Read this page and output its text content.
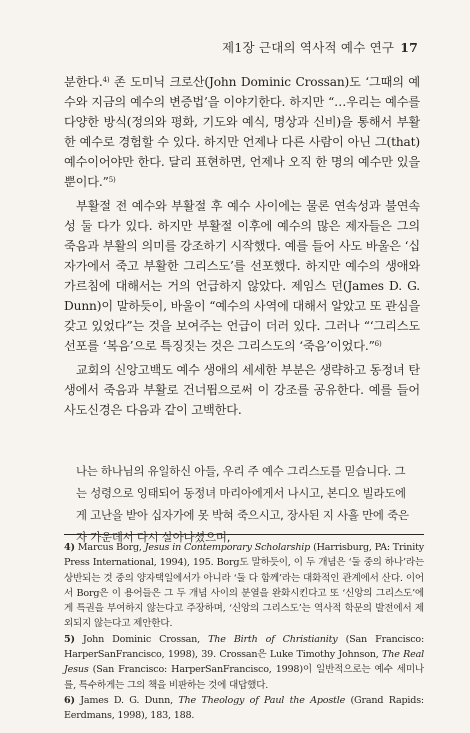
제1장 근대의 역사적 예수 연구 17

분한다.$^{4)}$ 존 도미닉 크로산(John Dominic Crossan)도 ‘그때의 예수와 지금의 예수의 변증법’을 이야기한다. 하지만 “…우리는 예수를 다양한 방식(정의와 평화, 기도와 예식, 명상과 신비)을 통해서 부활한 예수로 경험할 수 있다. 하지만 언제나 다른 사람이 아닌 그(that) 예수이어야만 한다. 달리 표현하면, 언제나 오직 한 명의 예수만 있을 뿐이다.”$^{5)}$

부활절 전 예수와 부활절 후 예수 사이에는 물론 연속성과 불연속성 둘 다가 있다. 하지만 부활절 이후에 예수의 많은 제자들은 그의 죽음과 부활의 의미를 강조하기 시작했다. 예를 들어 사도 바울은 ‘십자가에서 죽고 부활한 그리스도’를 선포했다. 하지만 예수의 생애와 가르침에 대해서는 거의 언급하지 않았다. 제임스 던(James D. G. Dunn)이 말하듯이, 바울이 “예수의 사역에 대해서 알았고 또 관심을 갖고 있었다”는 것을 보여주는 언급이 더러 있다. 그러나 “‘그리스도 선포를 ‘복음’으로 특징짓는 것은 그리스도의 ‘죽음’이었다.”$^{6)}$

교회의 신앙고백도 예수 생애의 세세한 부분은 생략하고 동정녀 탄생에서 죽음과 부활로 건너뜀으로써 이 강조를 공유한다. 예를 들어 사도신경은 다음과 같이 고백한다.

나는 하나님의 유일하신 아들, 우리 주 예수 그리스도를 믿습니다. 그는 성령으로 잉태되어 동정녀 마리아에게서 나시고, 본디오 빌라도에게 고난을 받아 십자가에 못 박혀 죽으시고, 장사된 지 사흘 만에 죽은 자 가운데서 다시 살아나셨으며,

4) Marcus Borg, Jesus in Contemporary Scholarship (Harrisburg, PA: Trinity Press International, 1994), 195. Borg도 말하듯이, 이 두 개념은 ‘둘 중의 하나’라는 상반되는 것 중의 양자택일에서가 아니라 ‘둘 다 함께’라는 대화적인 관계에서 산다. 이어서 Borg은 이 용어들은 그 두 개념 사이의 분열을 완화시킨다고 또 ‘신앙의 그리스도’에게 특권을 부여하지 않는다고 주장하며, ‘신앙의 그리스도’는 역사적 학문의 발전에서 제외되지 않는다고 제안한다.

5) John Dominic Crossan, The Birth of Christianity (San Francisco: HarperSanFrancisco, 1998), 39. Crossan은 Luke Timothy Johnson, The Real Jesus (San Francisco: HarperSanFrancisco, 1998)이 일반적으로는 예수 세미나를, 특수하게는 그의 책을 비판하는 것에 대답했다.

6) James D. G. Dunn, The Theology of Paul the Apostle (Grand Rapids: Eerdmans, 1998), 183, 188.
